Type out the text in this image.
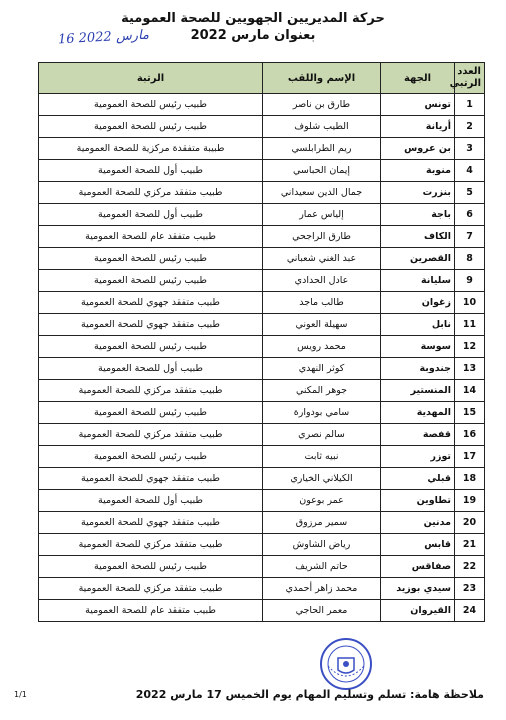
حركة المديريين الجهويين للصحة العمومية
بعنوان مارس 2022
16 مارس 2022
العدد الرتبي	الجهة	الإسم واللقب	الرتبة
1	تونس	طارق بن ناصر	طبيب رئيس للصحة العمومية
2	أريانة	الطيب شلوف	طبيب رئيس للصحة العمومية
3	بن عروس	ريم الطرابلسي	طبيبة متفقدة مركزية للصحة العمومية
4	منوبة	إيمان الحباسي	طبيب أول للصحة العمومية
5	بنزرت	جمال الدين سعيداني	طبيب متفقد مركزي للصحة العمومية
6	باجة	إلياس عمار	طبيب أول للصحة العمومية
7	الكاف	طارق الراجحي	طبيب متفقد عام للصحة العمومية
8	القصرين	عبد الغني شعباني	طبيب رئيس للصحة العمومية
9	سليانة	عادل الحدادي	طبيب رئيس للصحة العمومية
10	زغوان	طالب ماجد	طبيب متفقد جهوي للصحة العمومية
11	نابل	سهيلة العوني	طبيب متفقد جهوي للصحة العمومية
12	سوسة	محمد رويس	طبيب رئيس للصحة العمومية
13	جندوبة	كوثر النهدي	طبيب أول للصحة العمومية
14	المنستير	جوهر المكني	طبيب متفقد مركزي للصحة العمومية
15	المهدية	سامي بودوارة	طبيب رئيس للصحة العمومية
16	قفصة	سالم نصري	طبيب متفقد مركزي للصحة العمومية
17	توزر	نبيه ثابت	طبيب رئيس للصحة العمومية
18	قبلي	الكيلاني الخياري	طبيب متفقد جهوي للصحة العمومية
19	تطاوين	عمر بوعون	طبيب أول للصحة العمومية
20	مدنين	سمير مرزوق	طبيب متفقد جهوي للصحة العمومية
21	قابس	رياض الشاوش	طبيب متفقد مركزي للصحة العمومية
22	صفاقس	حاتم الشريف	طبيب رئيس للصحة العمومية
23	سيدي بوزيد	محمد زاهر أحمدي	طبيب متفقد مركزي للصحة العمومية
24	القيروان	معمر الحاجي	طبيب متفقد عام للصحة العمومية
ملاحظة هامة: تسلم وتسليم المهام يوم الخميس 17 مارس 2022
1/1
